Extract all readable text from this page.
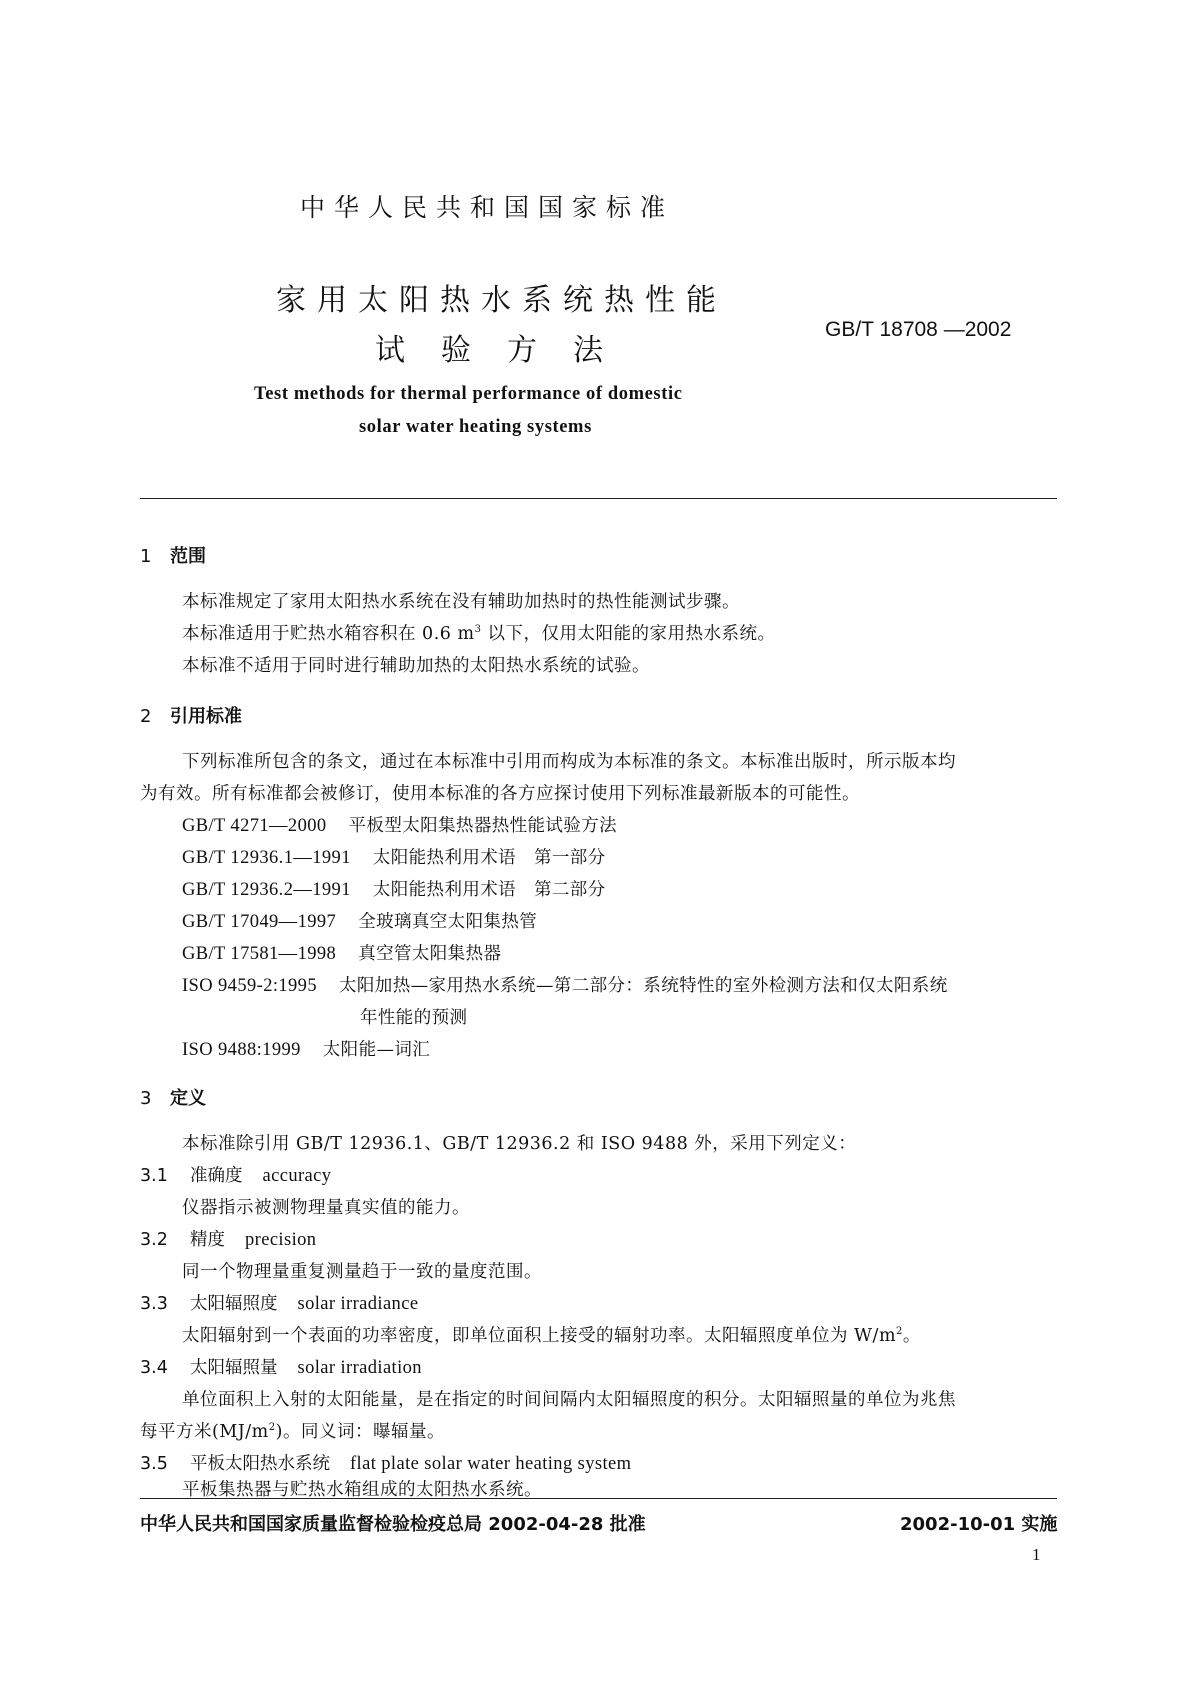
中华人民共和国国家标准
家用太阳热水系统热性能
试验方法
GB/T 18708 —2002
Test methods for thermal performance of domestic
solar water heating systems
1 范围
本标准规定了家用太阳热水系统在没有辅助加热时的热性能测试步骤。
本标准适用于贮热水箱容积在 0.6 $m^3$ 以下，仅用太阳能的家用热水系统。
本标准不适用于同时进行辅助加热的太阳热水系统的试验。
2 引用标准
下列标准所包含的条文，通过在本标准中引用而构成为本标准的条文。本标准出版时，所示版本均
为有效。所有标准都会被修订，使用本标准的各方应探讨使用下列标准最新版本的可能性。
GB/T 4271—2000 平板型太阳集热器热性能试验方法
GB/T 12936.1—1991 太阳能热利用术语　第一部分
GB/T 12936.2—1991 太阳能热利用术语　第二部分
GB/T 17049—1997 全玻璃真空太阳集热管
GB/T 17581—1998 真空管太阳集热器
ISO 9459-2:1995 太阳加热—家用热水系统—第二部分：系统特性的室外检测方法和仅太阳系统
年性能的预测
ISO 9488:1999 太阳能—词汇
3 定义
本标准除引用 GB/T 12936.1、GB/T 12936.2 和 ISO 9488 外，采用下列定义：
3.1 准确度 accuracy
仪器指示被测物理量真实值的能力。
3.2 精度 precision
同一个物理量重复测量趋于一致的量度范围。
3.3 太阳辐照度 solar irradiance
太阳辐射到一个表面的功率密度，即单位面积上接受的辐射功率。太阳辐照度单位为 $W/m^2$。
3.4 太阳辐照量 solar irradiation
单位面积上入射的太阳能量，是在指定的时间间隔内太阳辐照度的积分。太阳辐照量的单位为兆焦
每平方米$(MJ/m^2)$。同义词：曝辐量。
3.5 平板太阳热水系统 flat plate solar water heating system
平板集热器与贮热水箱组成的太阳热水系统。
中华人民共和国国家质量监督检验检疫总局 2002-04-28 批准	2002-10-01 实施
1
